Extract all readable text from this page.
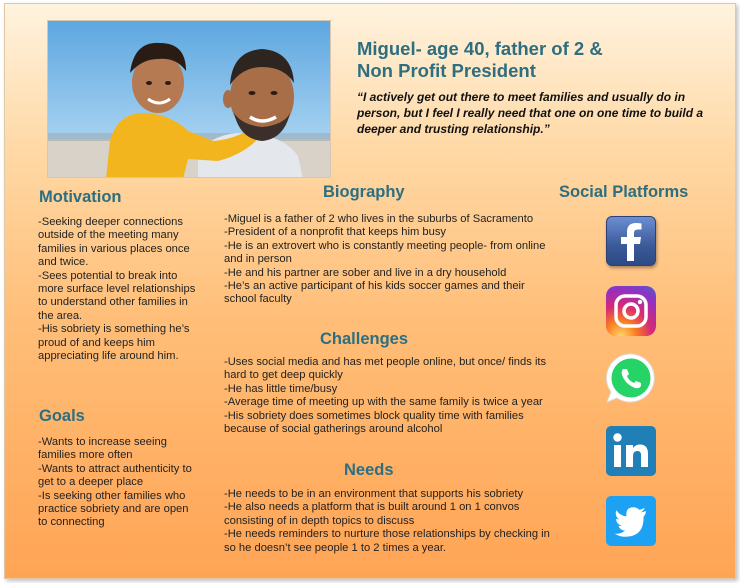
Miguel- age 40, father of 2 &
Non Profit President
“I actively get out there to meet families and usually do in person, but I feel I really need that one on one time to build a deeper and trusting relationship.”
Motivation
-Seeking deeper connections outside of the meeting many families in various places once and twice.
-Sees potential to break into more surface level relationships to understand other families in the area.
-His sobriety is something he’s proud of and keeps him appreciating life around him.
Goals
-Wants to increase seeing families more often
-Wants to attract authenticity to get to a deeper place
-Is seeking other families who practice sobriety and are open to connecting
Biography
-Miguel is a father of 2 who lives in the suburbs of Sacramento
-President of a nonprofit that keeps him busy
-He is an extrovert who is constantly meeting people- from online and in person
-He and his partner are sober and live in a dry household
-He’s an active participant of his kids soccer games and their school faculty
Challenges
-Uses social media and has met people online, but once/ finds its hard to get deep quickly
-He has little time/busy
-Average time of meeting up with the same family is twice a year
-His sobriety does sometimes block quality time with families because of social gatherings around alcohol
Needs
-He needs to be in an environment that supports his sobriety
-He also needs a platform that is built around 1 on 1 convos consisting of in depth topics to discuss
-He needs reminders to nurture those relationships by checking in so he doesn’t see people 1 to 2 times a year.
Social Platforms
